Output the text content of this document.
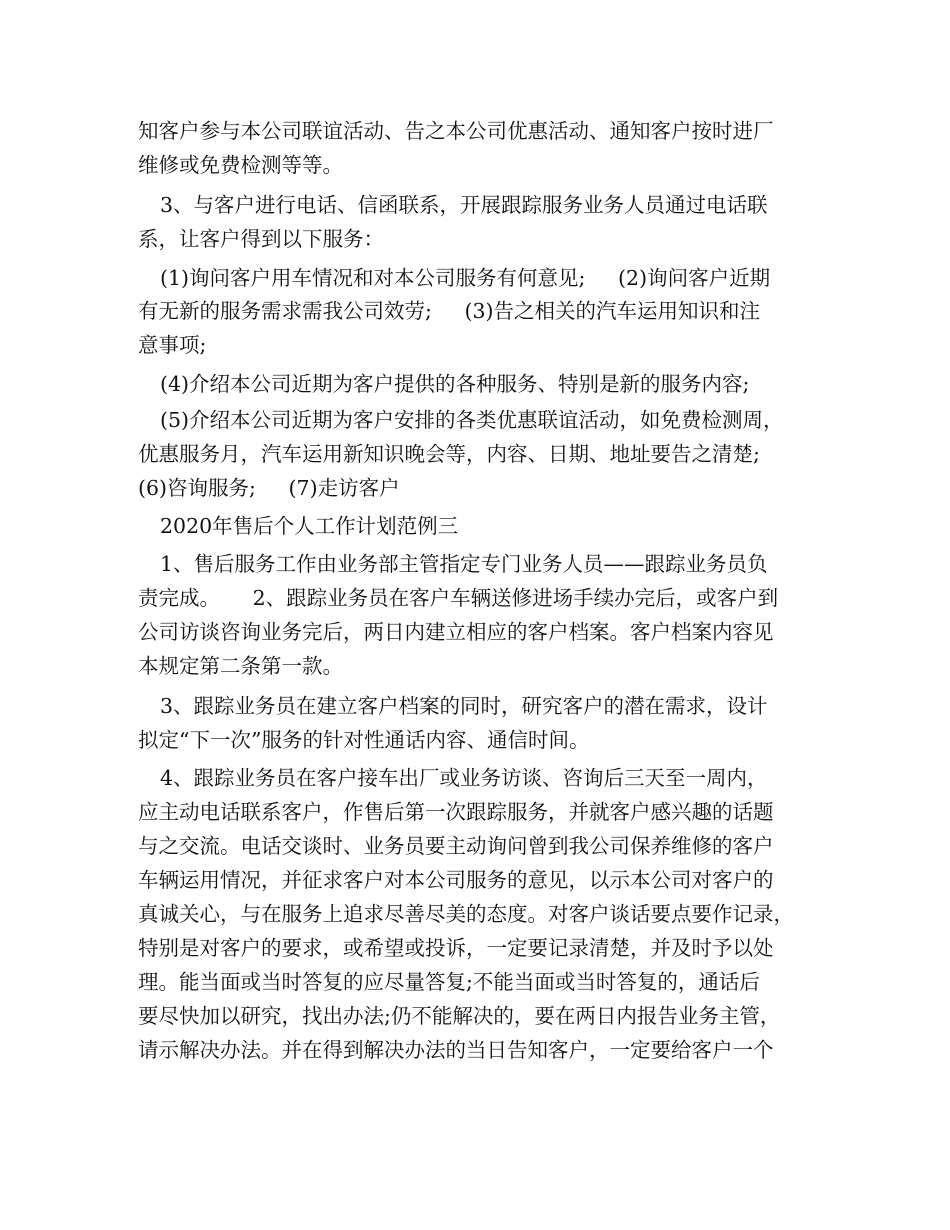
知客户参与本公司联谊活动、告之本公司优惠活动、通知客户按时进厂
维修或免费检测等等。
3、与客户进行电话、信函联系，开展跟踪服务业务人员通过电话联
系，让客户得到以下服务：
(1)询问客户用车情况和对本公司服务有何意见;     (2)询问客户近期
有无新的服务需求需我公司效劳;     (3)告之相关的汽车运用知识和注
意事项;
(4)介绍本公司近期为客户提供的各种服务、特别是新的服务内容;
(5)介绍本公司近期为客户安排的各类优惠联谊活动，如免费检测周，
优惠服务月，汽车运用新知识晚会等，内容、日期、地址要告之清楚;
(6)咨询服务;     (7)走访客户
2020年售后个人工作计划范例三
1、售后服务工作由业务部主管指定专门业务人员——跟踪业务员负
责完成。     2、跟踪业务员在客户车辆送修进场手续办完后，或客户到
公司访谈咨询业务完后，两日内建立相应的客户档案。客户档案内容见
本规定第二条第一款。
3、跟踪业务员在建立客户档案的同时，研究客户的潜在需求，设计
拟定“下一次”服务的针对性通话内容、通信时间。
4、跟踪业务员在客户接车出厂或业务访谈、咨询后三天至一周内，
应主动电话联系客户，作售后第一次跟踪服务，并就客户感兴趣的话题
与之交流。电话交谈时、业务员要主动询问曾到我公司保养维修的客户
车辆运用情况，并征求客户对本公司服务的意见，以示本公司对客户的
真诚关心，与在服务上追求尽善尽美的态度。对客户谈话要点要作记录，
特别是对客户的要求，或希望或投诉，一定要记录清楚，并及时予以处
理。能当面或当时答复的应尽量答复;不能当面或当时答复的，通话后
要尽快加以研究，找出办法;仍不能解决的，要在两日内报告业务主管，
请示解决办法。并在得到解决办法的当日告知客户，一定要给客户一个
